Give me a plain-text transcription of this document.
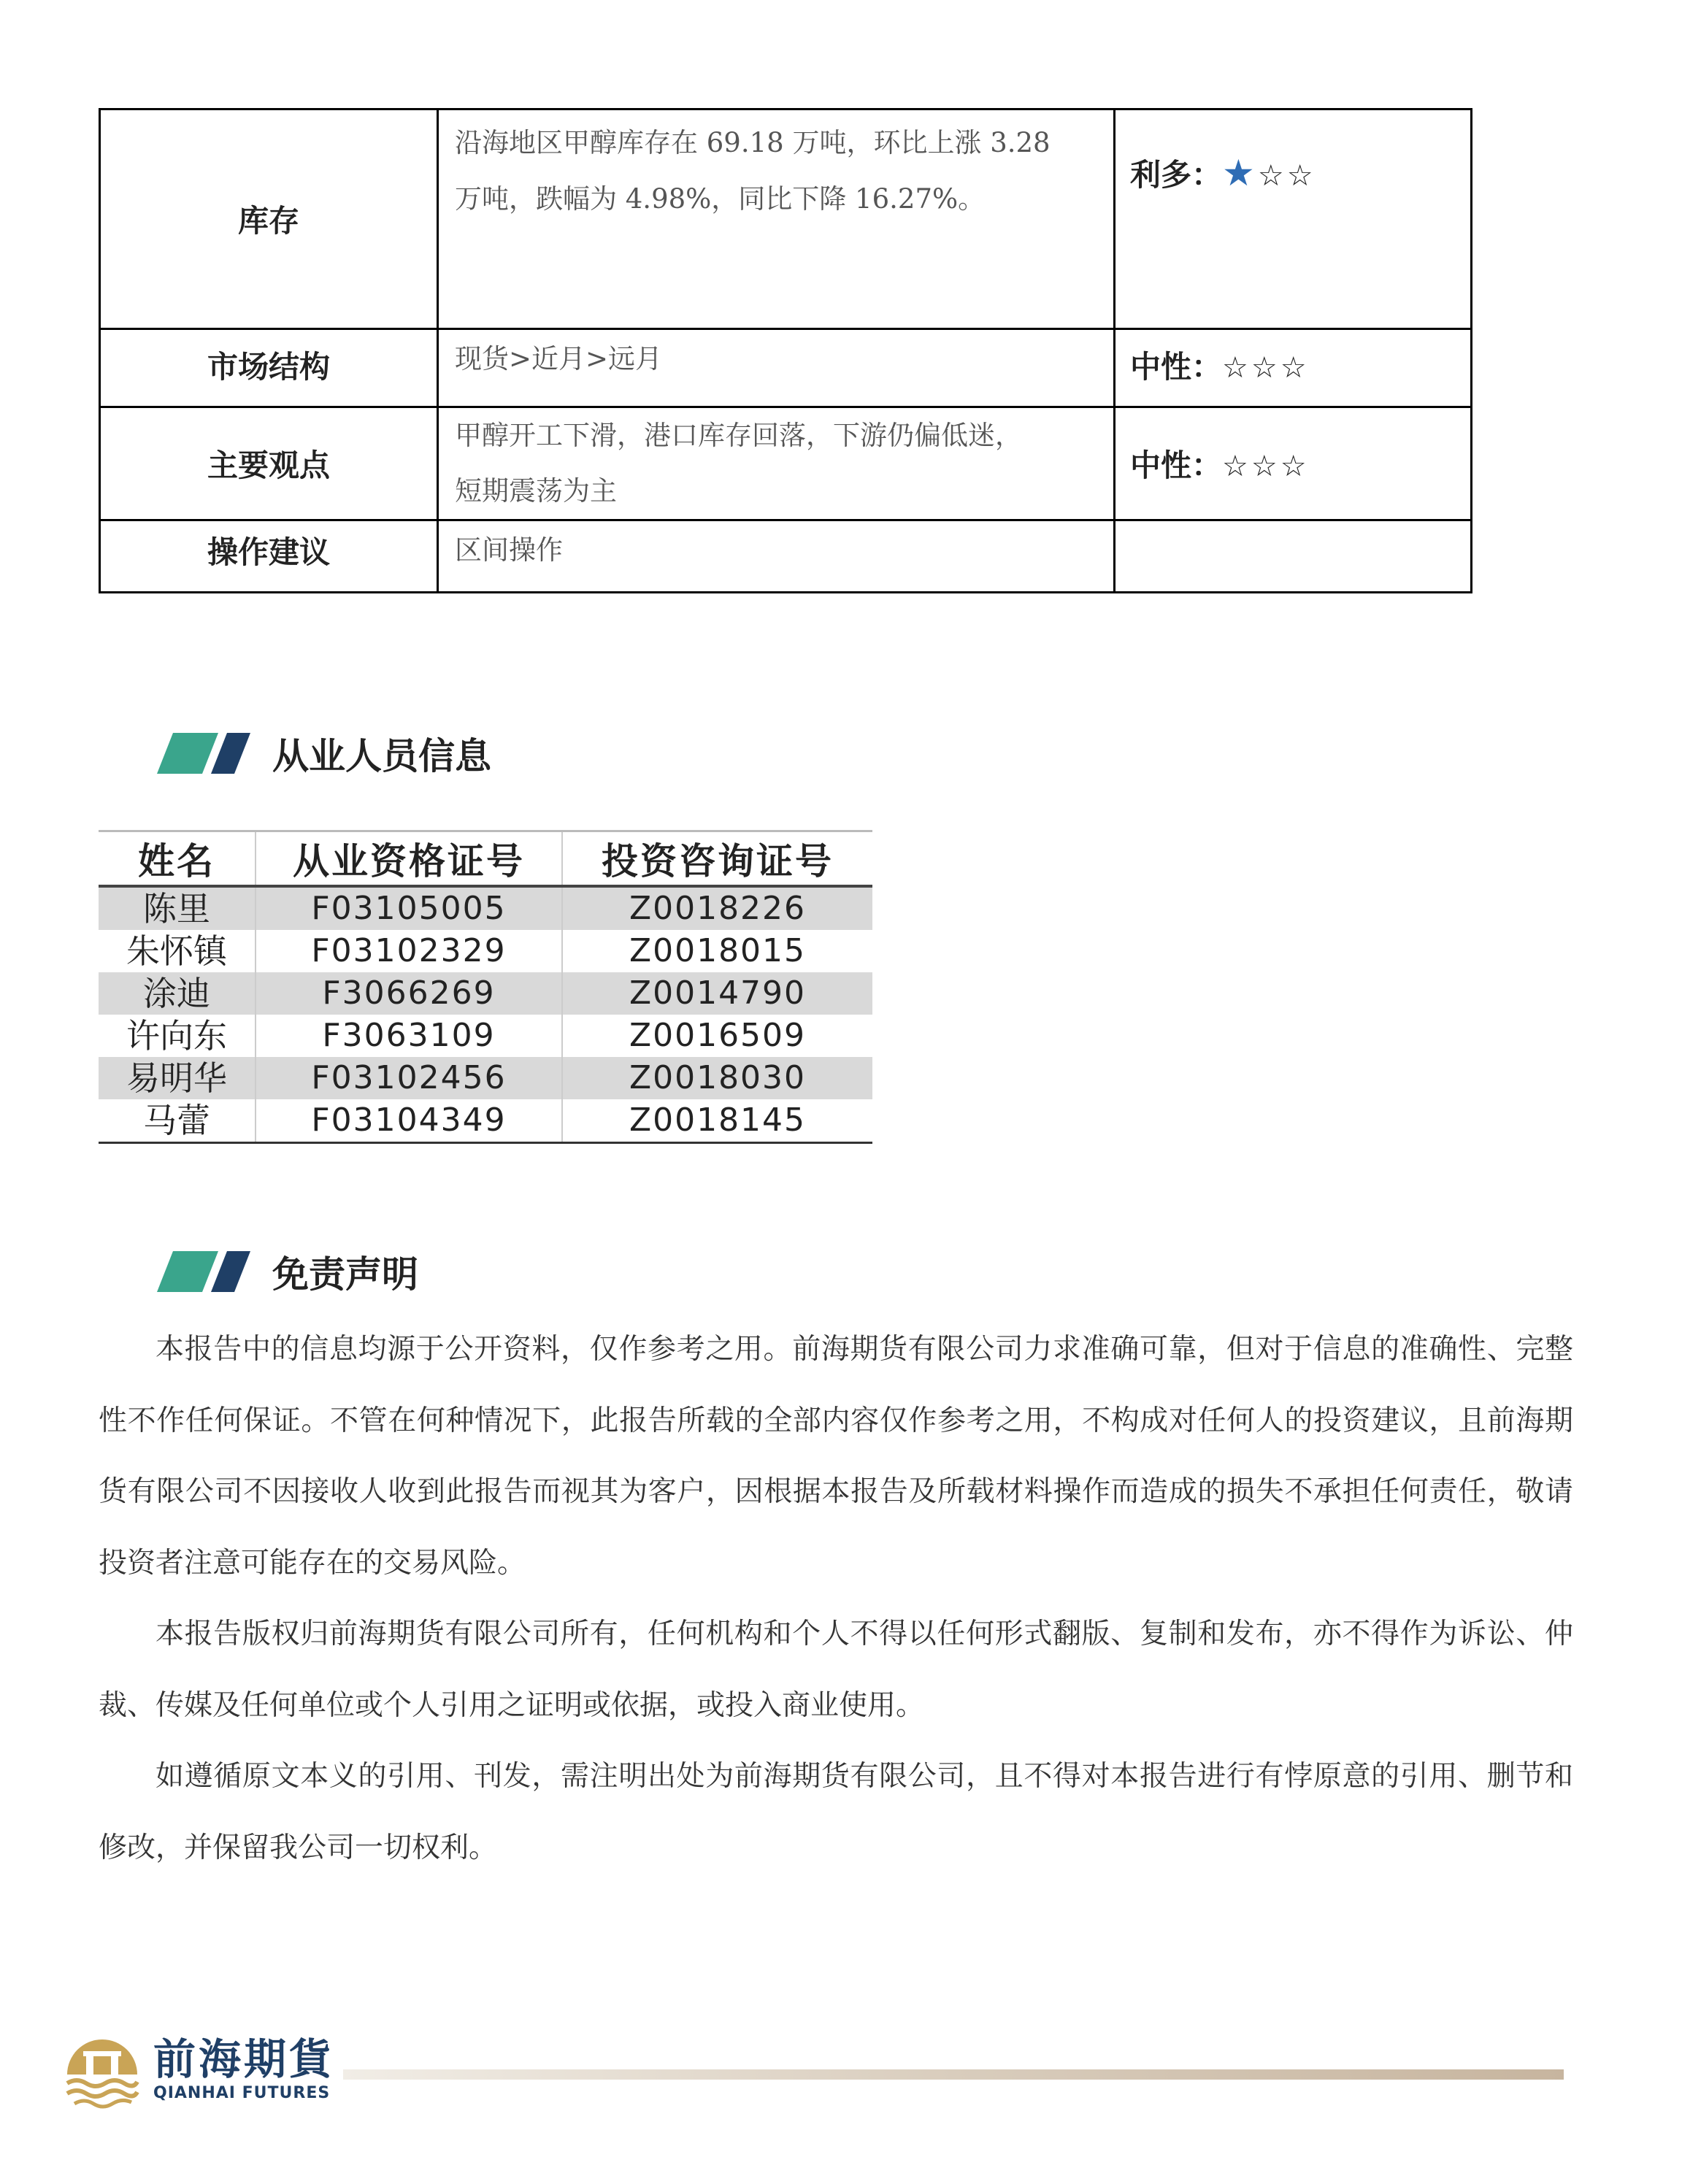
库存	沿海地区甲醇库存在 69.18 万吨，环比上涨 3.28
万吨，跌幅为 4.98%，同比下降 16.27%。	利多：★☆☆
市场结构	现货>近月>远月	中性：☆☆☆
主要观点	甲醇开工下滑，港口库存回落，下游仍偏低迷，
短期震荡为主	中性：☆☆☆
操作建议	区间操作	

从业人员信息
姓名	从业资格证号	投资咨询证号
陈里	F03105005	Z0018226
朱怀镇	F03102329	Z0018015
涂迪	F3066269	Z0014790
许向东	F3063109	Z0016509
易明华	F03102456	Z0018030
马蕾	F03104349	Z0018145
免责声明

本报告中的信息均源于公开资料，仅作参考之用。前海期货有限公司力求准确可靠，但对于信息的准确性、完整性不作任何保证。不管在何种情况下，此报告所载的全部内容仅作参考之用，不构成对任何人的投资建议，且前海期货有限公司不因接收人收到此报告而视其为客户，因根据本报告及所载材料操作而造成的损失不承担任何责任，敬请投资者注意可能存在的交易风险。

本报告版权归前海期货有限公司所有，任何机构和个人不得以任何形式翻版、复制和发布，亦不得作为诉讼、仲裁、传媒及任何单位或个人引用之证明或依据，或投入商业使用。

如遵循原文本义的引用、刊发，需注明出处为前海期货有限公司，且不得对本报告进行有悖原意的引用、删节和修改，并保留我公司一切权利。

前海期貨
QIANHAI FUTURES
